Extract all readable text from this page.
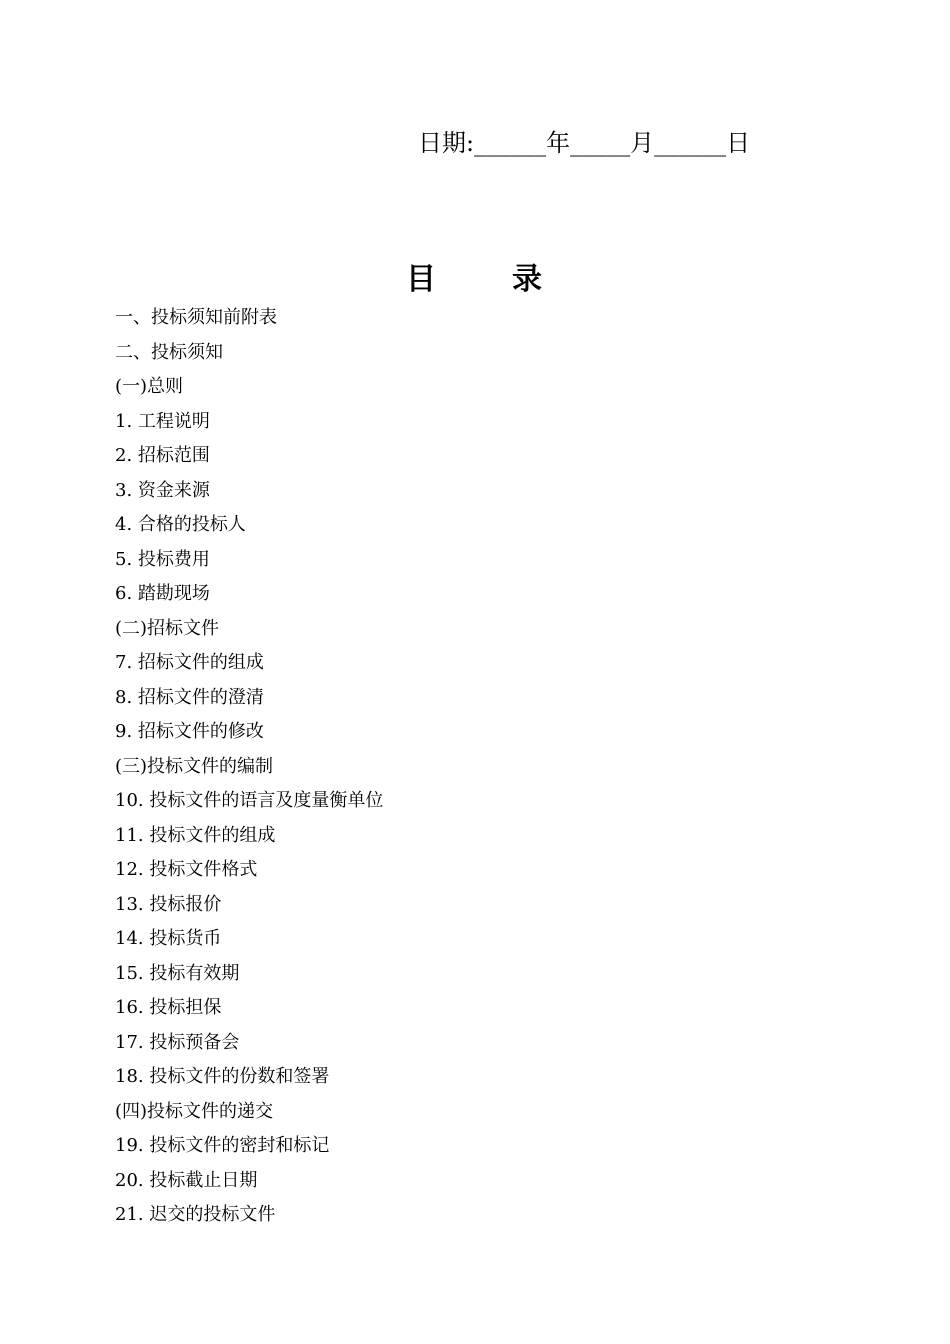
日期:______年_____月______日
目 录
一、投标须知前附表
二、投标须知
(一)总则
1. 工程说明
2. 招标范围
3. 资金来源
4. 合格的投标人
5. 投标费用
6. 踏勘现场
(二)招标文件
7. 招标文件的组成
8. 招标文件的澄清
9. 招标文件的修改
(三)投标文件的编制
10. 投标文件的语言及度量衡单位
11. 投标文件的组成
12. 投标文件格式
13. 投标报价
14. 投标货币
15. 投标有效期
16. 投标担保
17. 投标预备会
18. 投标文件的份数和签署
(四)投标文件的递交
19. 投标文件的密封和标记
20. 投标截止日期
21. 迟交的投标文件
